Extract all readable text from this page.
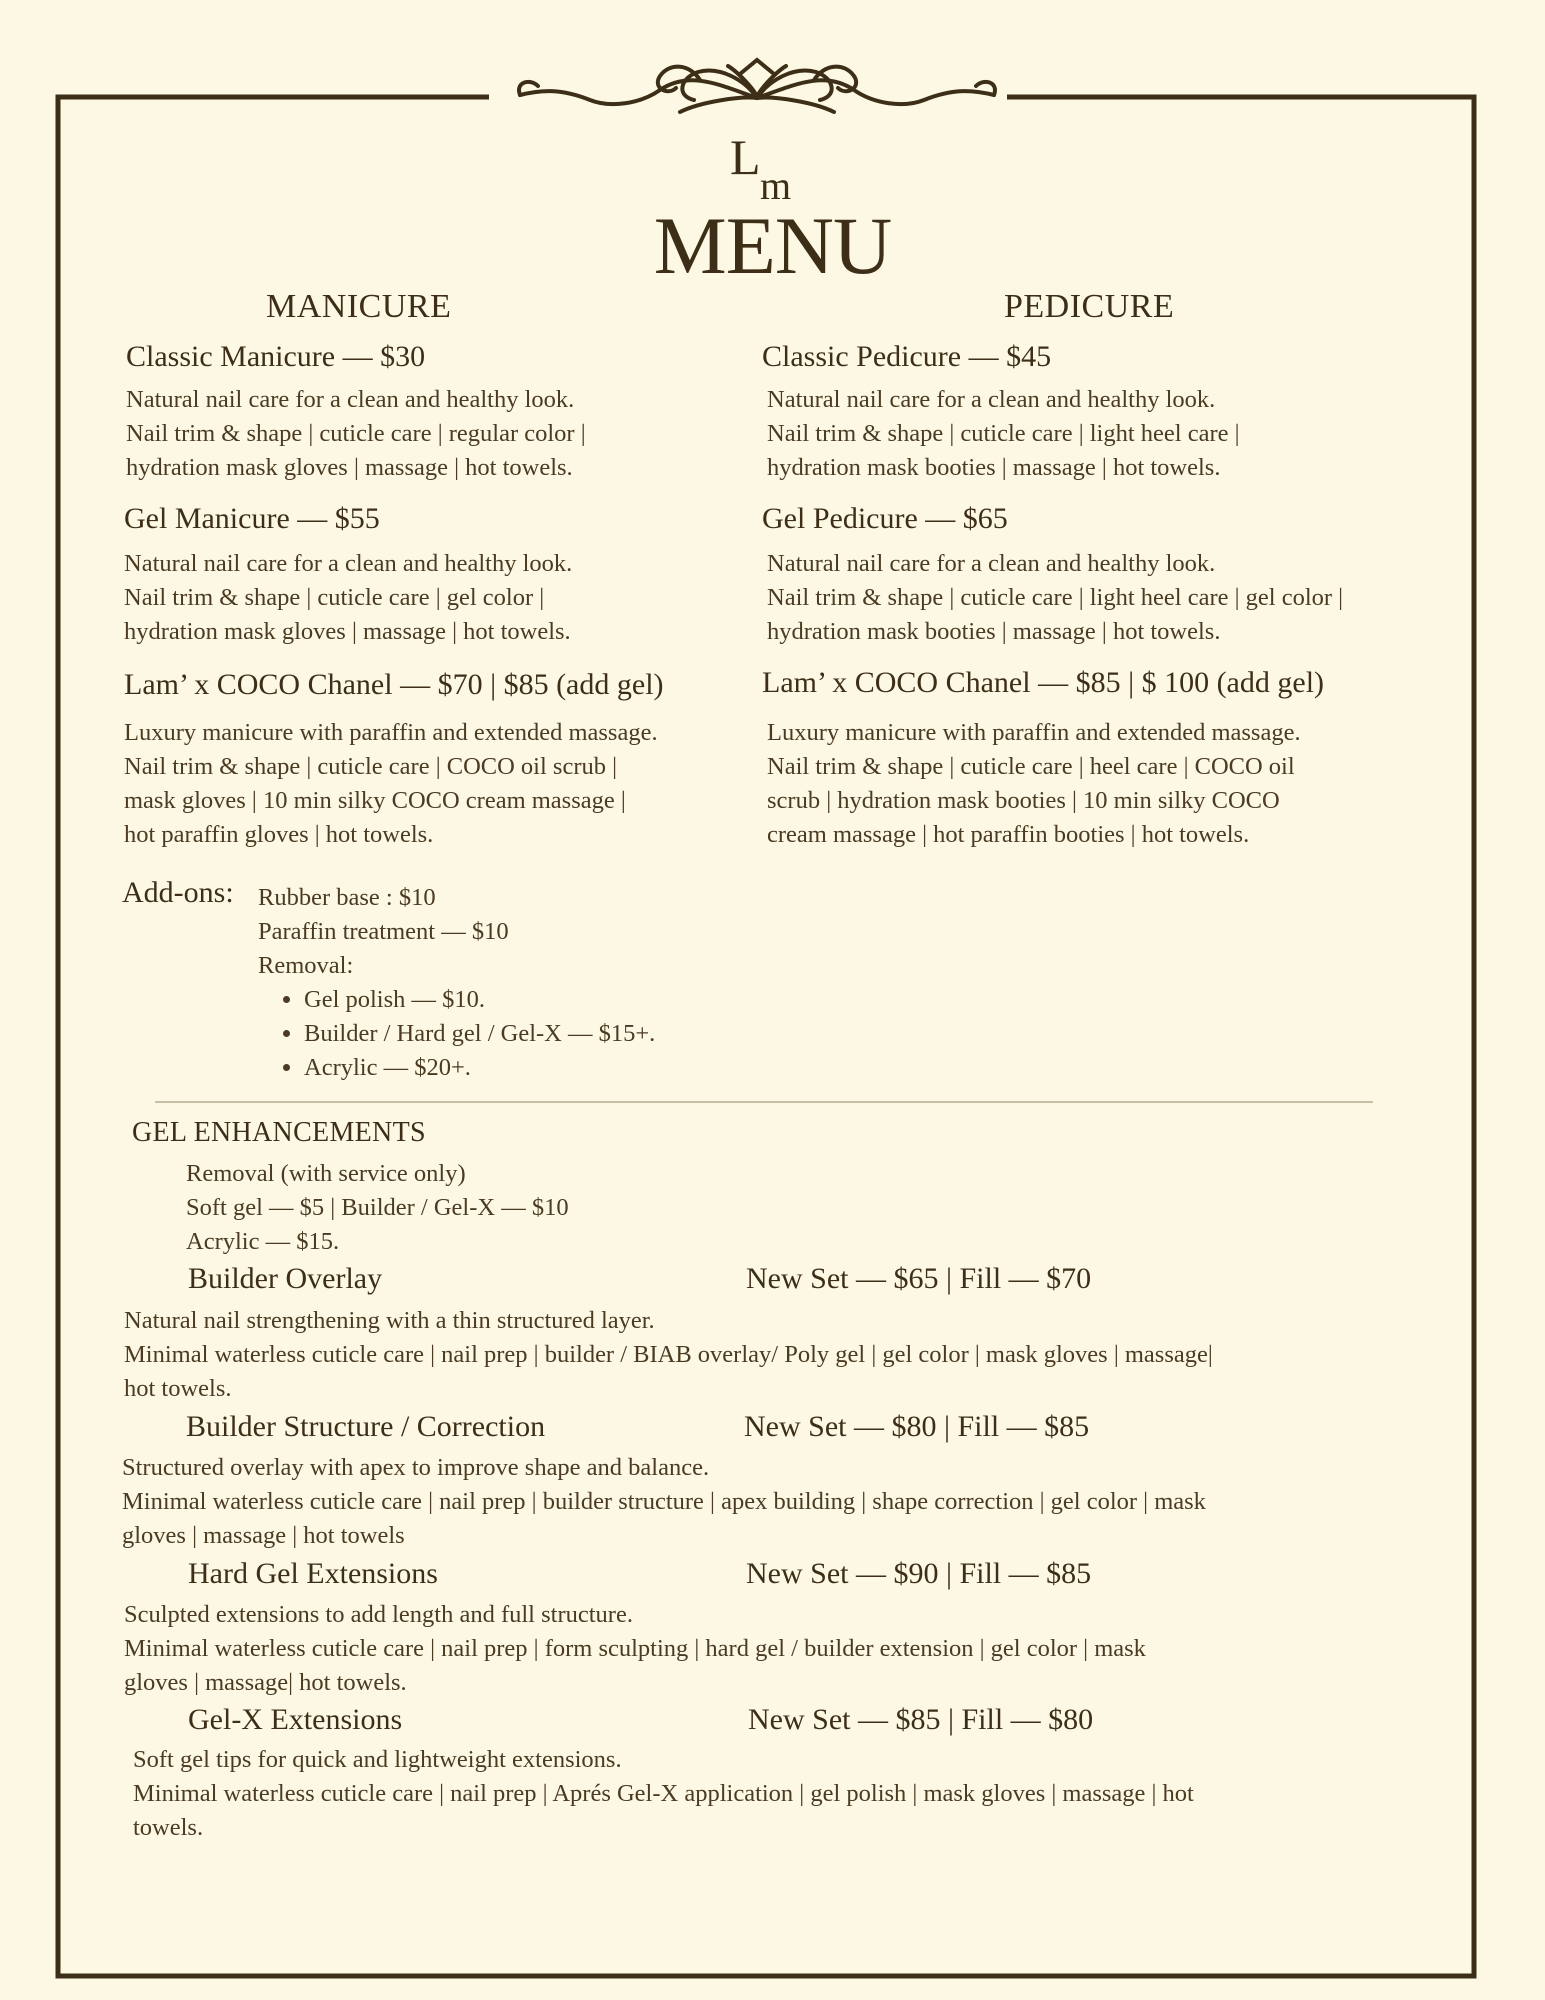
L
m
MENU
MANICURE	PEDICURE
Classic Manicure — $30
Natural nail care for a clean and healthy look.
Nail trim & shape | cuticle care | regular color |
hydration mask gloves | massage | hot towels.
Gel Manicure — $55
Natural nail care for a clean and healthy look.
Nail trim & shape | cuticle care | gel color |
hydration mask gloves | massage | hot towels.
Lam’ x COCO Chanel — $70 | $85 (add gel)
Luxury manicure with paraffin and extended massage.
Nail trim & shape | cuticle care | COCO oil scrub |
mask gloves | 10 min silky COCO cream massage |
hot paraffin gloves | hot towels.
Classic Pedicure — $45
Natural nail care for a clean and healthy look.
Nail trim & shape | cuticle care | light heel care |
hydration mask booties | massage | hot towels.
Gel Pedicure — $65
Natural nail care for a clean and healthy look.
Nail trim & shape | cuticle care | light heel care | gel color |
hydration mask booties | massage | hot towels.
Lam’ x COCO Chanel — $85 | $ 100 (add gel)
Luxury manicure with paraffin and extended massage.
Nail trim & shape | cuticle care | heel care | COCO oil
scrub | hydration mask booties | 10 min silky COCO
cream massage | hot paraffin booties | hot towels.
Add-ons: Rubber base : $10
Paraffin treatment — $10
Removal:
• Gel polish — $10.
• Builder / Hard gel / Gel-X — $15+.
• Acrylic — $20+.
GEL ENHANCEMENTS
Removal (with service only)
Soft gel — $5 | Builder / Gel-X — $10
Acrylic — $15.
Builder Overlay	New Set — $65 | Fill — $70
Natural nail strengthening with a thin structured layer.
Minimal waterless cuticle care | nail prep | builder / BIAB overlay/ Poly gel | gel color | mask gloves | massage|
hot towels.
Builder Structure / Correction	New Set — $80 | Fill — $85
Structured overlay with apex to improve shape and balance.
Minimal waterless cuticle care | nail prep | builder structure | apex building | shape correction | gel color | mask
gloves | massage | hot towels
Hard Gel Extensions	New Set — $90 | Fill — $85
Sculpted extensions to add length and full structure.
Minimal waterless cuticle care | nail prep | form sculpting | hard gel / builder extension | gel color | mask
gloves | massage| hot towels.
Gel-X Extensions	New Set — $85 | Fill — $80
Soft gel tips for quick and lightweight extensions.
Minimal waterless cuticle care | nail prep | Aprés Gel-X application | gel polish | mask gloves | massage | hot
towels.
